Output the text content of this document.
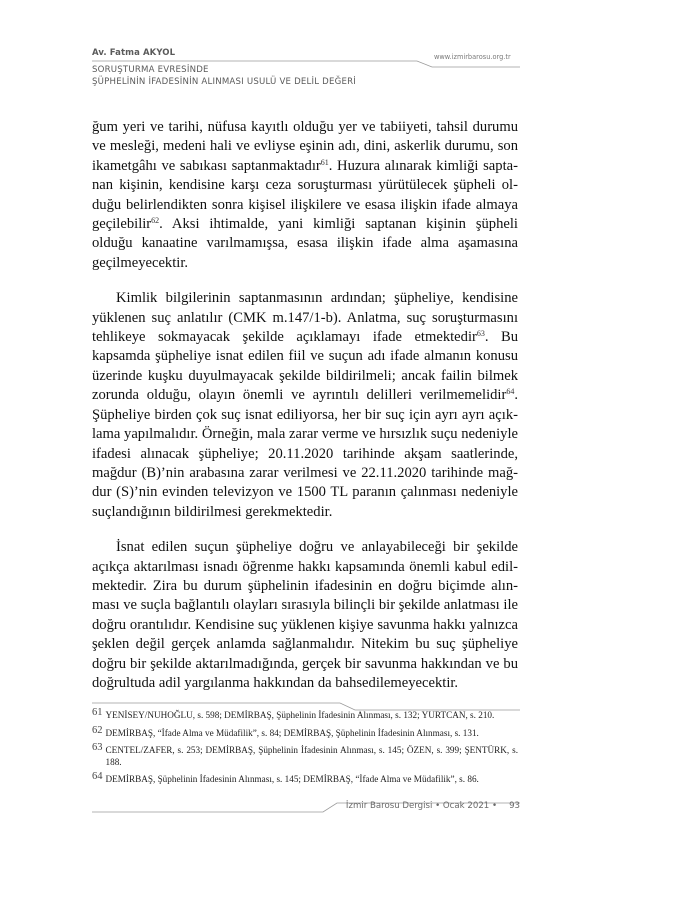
Av. Fatma AKYOL
SORUŞTURMA EVRESİNDE
ŞÜPHELİNİN İFADESİNİN ALINMASI USULÜ VE DELİL DEĞERİ
www.izmirbarosu.org.tr

ğum yeri ve tarihi, nüfusa kayıtlı olduğu yer ve tabiiyeti, tahsil durumu ve mesleği, medeni hali ve evliyse eşinin adı, dini, askerlik durumu, son ikametgâhı ve sabıkası saptanmaktadır$^{61}$. Huzura alınarak kimliği saptanan kişinin, kendisine karşı ceza soruşturması yürütülecek şüpheli olduğu belirlendikten sonra kişisel ilişkilere ve esasa ilişkin ifade almaya geçilebilir$^{62}$. Aksi ihtimalde, yani kimliği saptanan kişinin şüpheli olduğu kanaatine varılmamışsa, esasa ilişkin ifade alma aşamasına geçilmeyecektir.

Kimlik bilgilerinin saptanmasının ardından; şüpheliye, kendisine yüklenen suç anlatılır (CMK m.147/1-b). Anlatma, suç soruşturmasını tehlikeye sokmayacak şekilde açıklamayı ifade etmektedir$^{63}$. Bu kapsamda şüpheliye isnat edilen fiil ve suçun adı ifade almanın konusu üzerinde kuşku duyulmayacak şekilde bildirilmeli; ancak failin bilmek zorunda olduğu, olayın önemli ve ayrıntılı delilleri verilmemelidir$^{64}$. Şüpheliye birden çok suç isnat ediliyorsa, her bir suç için ayrı ayrı açıklama yapılmalıdır. Örneğin, mala zarar verme ve hırsızlık suçu nedeniyle ifadesi alınacak şüpheliye; 20.11.2020 tarihinde akşam saatlerinde, mağdur (B)’nin arabasına zarar verilmesi ve 22.11.2020 tarihinde mağdur (S)’nin evinden televizyon ve 1500 TL paranın çalınması nedeniyle suçlandığının bildirilmesi gerekmektedir.

İsnat edilen suçun şüpheliye doğru ve anlayabileceği bir şekilde açıkça aktarılması isnadı öğrenme hakkı kapsamında önemli kabul edilmektedir. Zira bu durum şüphelinin ifadesinin en doğru biçimde alınması ve suçla bağlantılı olayları sırasıyla bilinçli bir şekilde anlatması ile doğru orantılıdır. Kendisine suç yüklenen kişiye savunma hakkı yalnızca şeklen değil gerçek anlamda sağlanmalıdır. Nitekim bu suç şüpheliye doğru bir şekilde aktarılmadığında, gerçek bir savunma hakkından ve bu doğrultuda adil yargılanma hakkından da bahsedilemeyecektir.

61 YENİSEY/NUHOĞLU, s. 598; DEMİRBAŞ, Şüphelinin İfadesinin Alınması, s. 132; YURTCAN, s. 210.
62 DEMİRBAŞ, “İfade Alma ve Müdafilik”, s. 84; DEMİRBAŞ, Şüphelinin İfadesinin Alınması, s. 131.
63 CENTEL/ZAFER, s. 253; DEMİRBAŞ, Şüphelinin İfadesinin Alınması, s. 145; ÖZEN, s. 399; ŞENTÜRK, s. 188.
64 DEMİRBAŞ, Şüphelinin İfadesinin Alınması, s. 145; DEMİRBAŞ, “İfade Alma ve Müdafilik”, s. 86.
İzmir Barosu Dergisi • Ocak 2021 • 93
